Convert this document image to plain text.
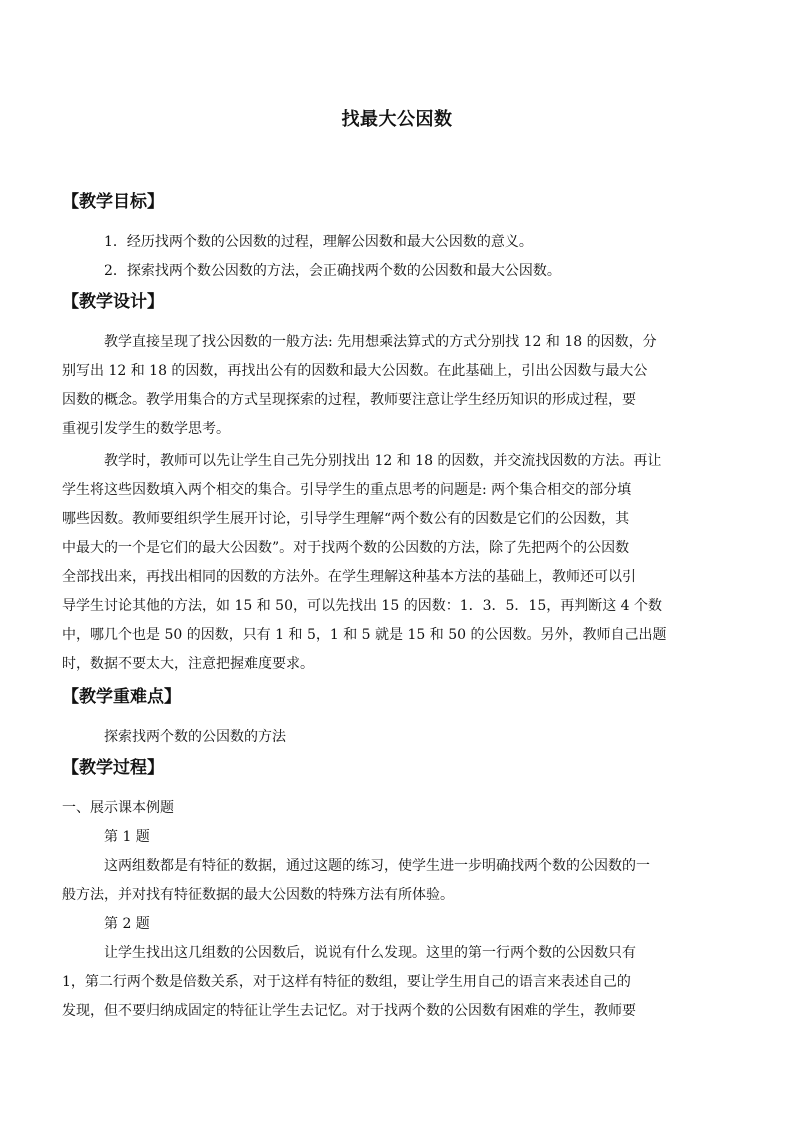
找最大公因数
【教学目标】
1．经历找两个数的公因数的过程，理解公因数和最大公因数的意义。
2．探索找两个数公因数的方法，会正确找两个数的公因数和最大公因数。
【教学设计】
教学直接呈现了找公因数的一般方法: 先用想乘法算式的方式分别找 12 和 18 的因数，分
别写出 12 和 18 的因数，再找出公有的因数和最大公因数。在此基础上，引出公因数与最大公
因数的概念。教学用集合的方式呈现探索的过程，教师要注意让学生经历知识的形成过程，要
重视引发学生的数学思考。
教学时，教师可以先让学生自己先分别找出 12 和 18 的因数，并交流找因数的方法。再让
学生将这些因数填入两个相交的集合。引导学生的重点思考的问题是: 两个集合相交的部分填
哪些因数。教师要组织学生展开讨论，引导学生理解“两个数公有的因数是它们的公因数，其
中最大的一个是它们的最大公因数”。对于找两个数的公因数的方法，除了先把两个的公因数
全部找出来，再找出相同的因数的方法外。在学生理解这种基本方法的基础上，教师还可以引
导学生讨论其他的方法，如 15 和 50，可以先找出 15 的因数：1．3．5．15，再判断这 4 个数
中，哪几个也是 50 的因数，只有 1 和 5，1 和 5 就是 15 和 50 的公因数。另外，教师自己出题
时，数据不要太大，注意把握难度要求。
【教学重难点】
探索找两个数的公因数的方法
【教学过程】
一、展示课本例题
第 1 题
这两组数都是有特征的数据，通过这题的练习，使学生进一步明确找两个数的公因数的一
般方法，并对找有特征数据的最大公因数的特殊方法有所体验。
第 2 题
让学生找出这几组数的公因数后，说说有什么发现。这里的第一行两个数的公因数只有
1，第二行两个数是倍数关系，对于这样有特征的数组，要让学生用自己的语言来表述自己的
发现，但不要归纳成固定的特征让学生去记忆。对于找两个数的公因数有困难的学生，教师要
